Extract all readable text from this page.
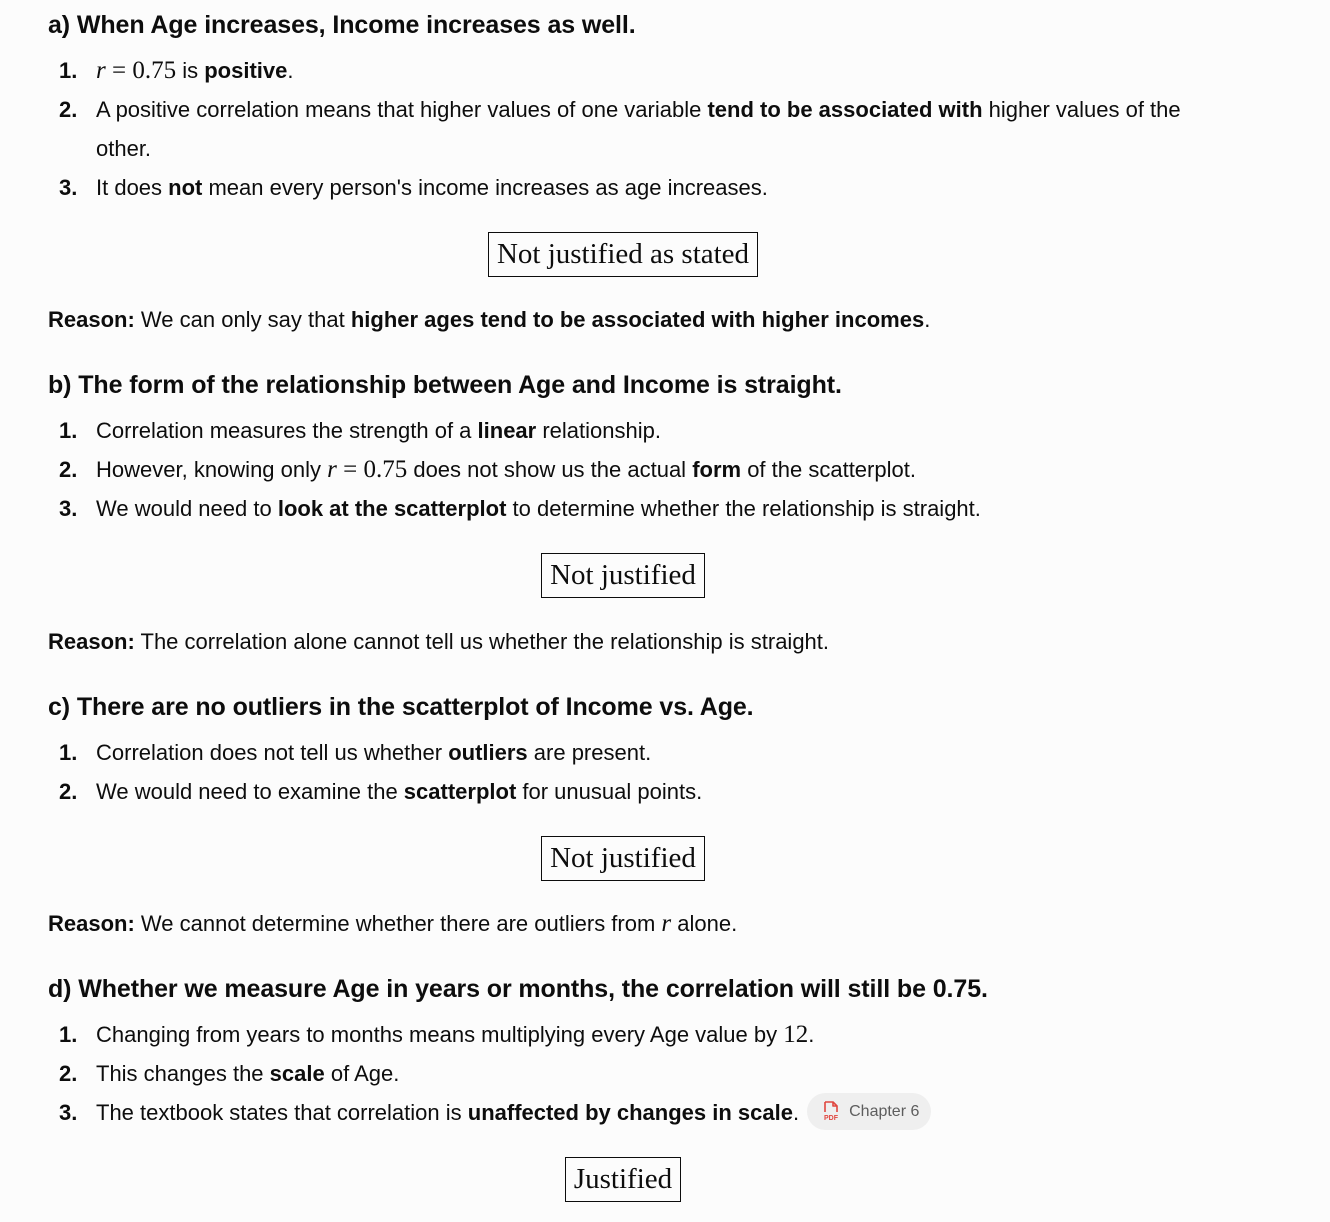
a) When Age increases, Income increases as well.
1. r = 0.75 is positive.
2. A positive correlation means that higher values of one variable tend to be associated with higher values of the other.
3. It does not mean every person's income increases as age increases.
Not justified as stated

Reason: We can only say that higher ages tend to be associated with higher incomes.

b) The form of the relationship between Age and Income is straight.
1. Correlation measures the strength of a linear relationship.
2. However, knowing only r = 0.75 does not show us the actual form of the scatterplot.
3. We would need to look at the scatterplot to determine whether the relationship is straight.
Not justified

Reason: The correlation alone cannot tell us whether the relationship is straight.

c) There are no outliers in the scatterplot of Income vs. Age.
1. Correlation does not tell us whether outliers are present.
2. We would need to examine the scatterplot for unusual points.
Not justified

Reason: We cannot determine whether there are outliers from r alone.

d) Whether we measure Age in years or months, the correlation will still be 0.75.
1. Changing from years to months means multiplying every Age value by 12.
2. This changes the scale of Age.
3. The textbook states that correlation is unaffected by changes in scale.	PDF Chapter 6
Justified
